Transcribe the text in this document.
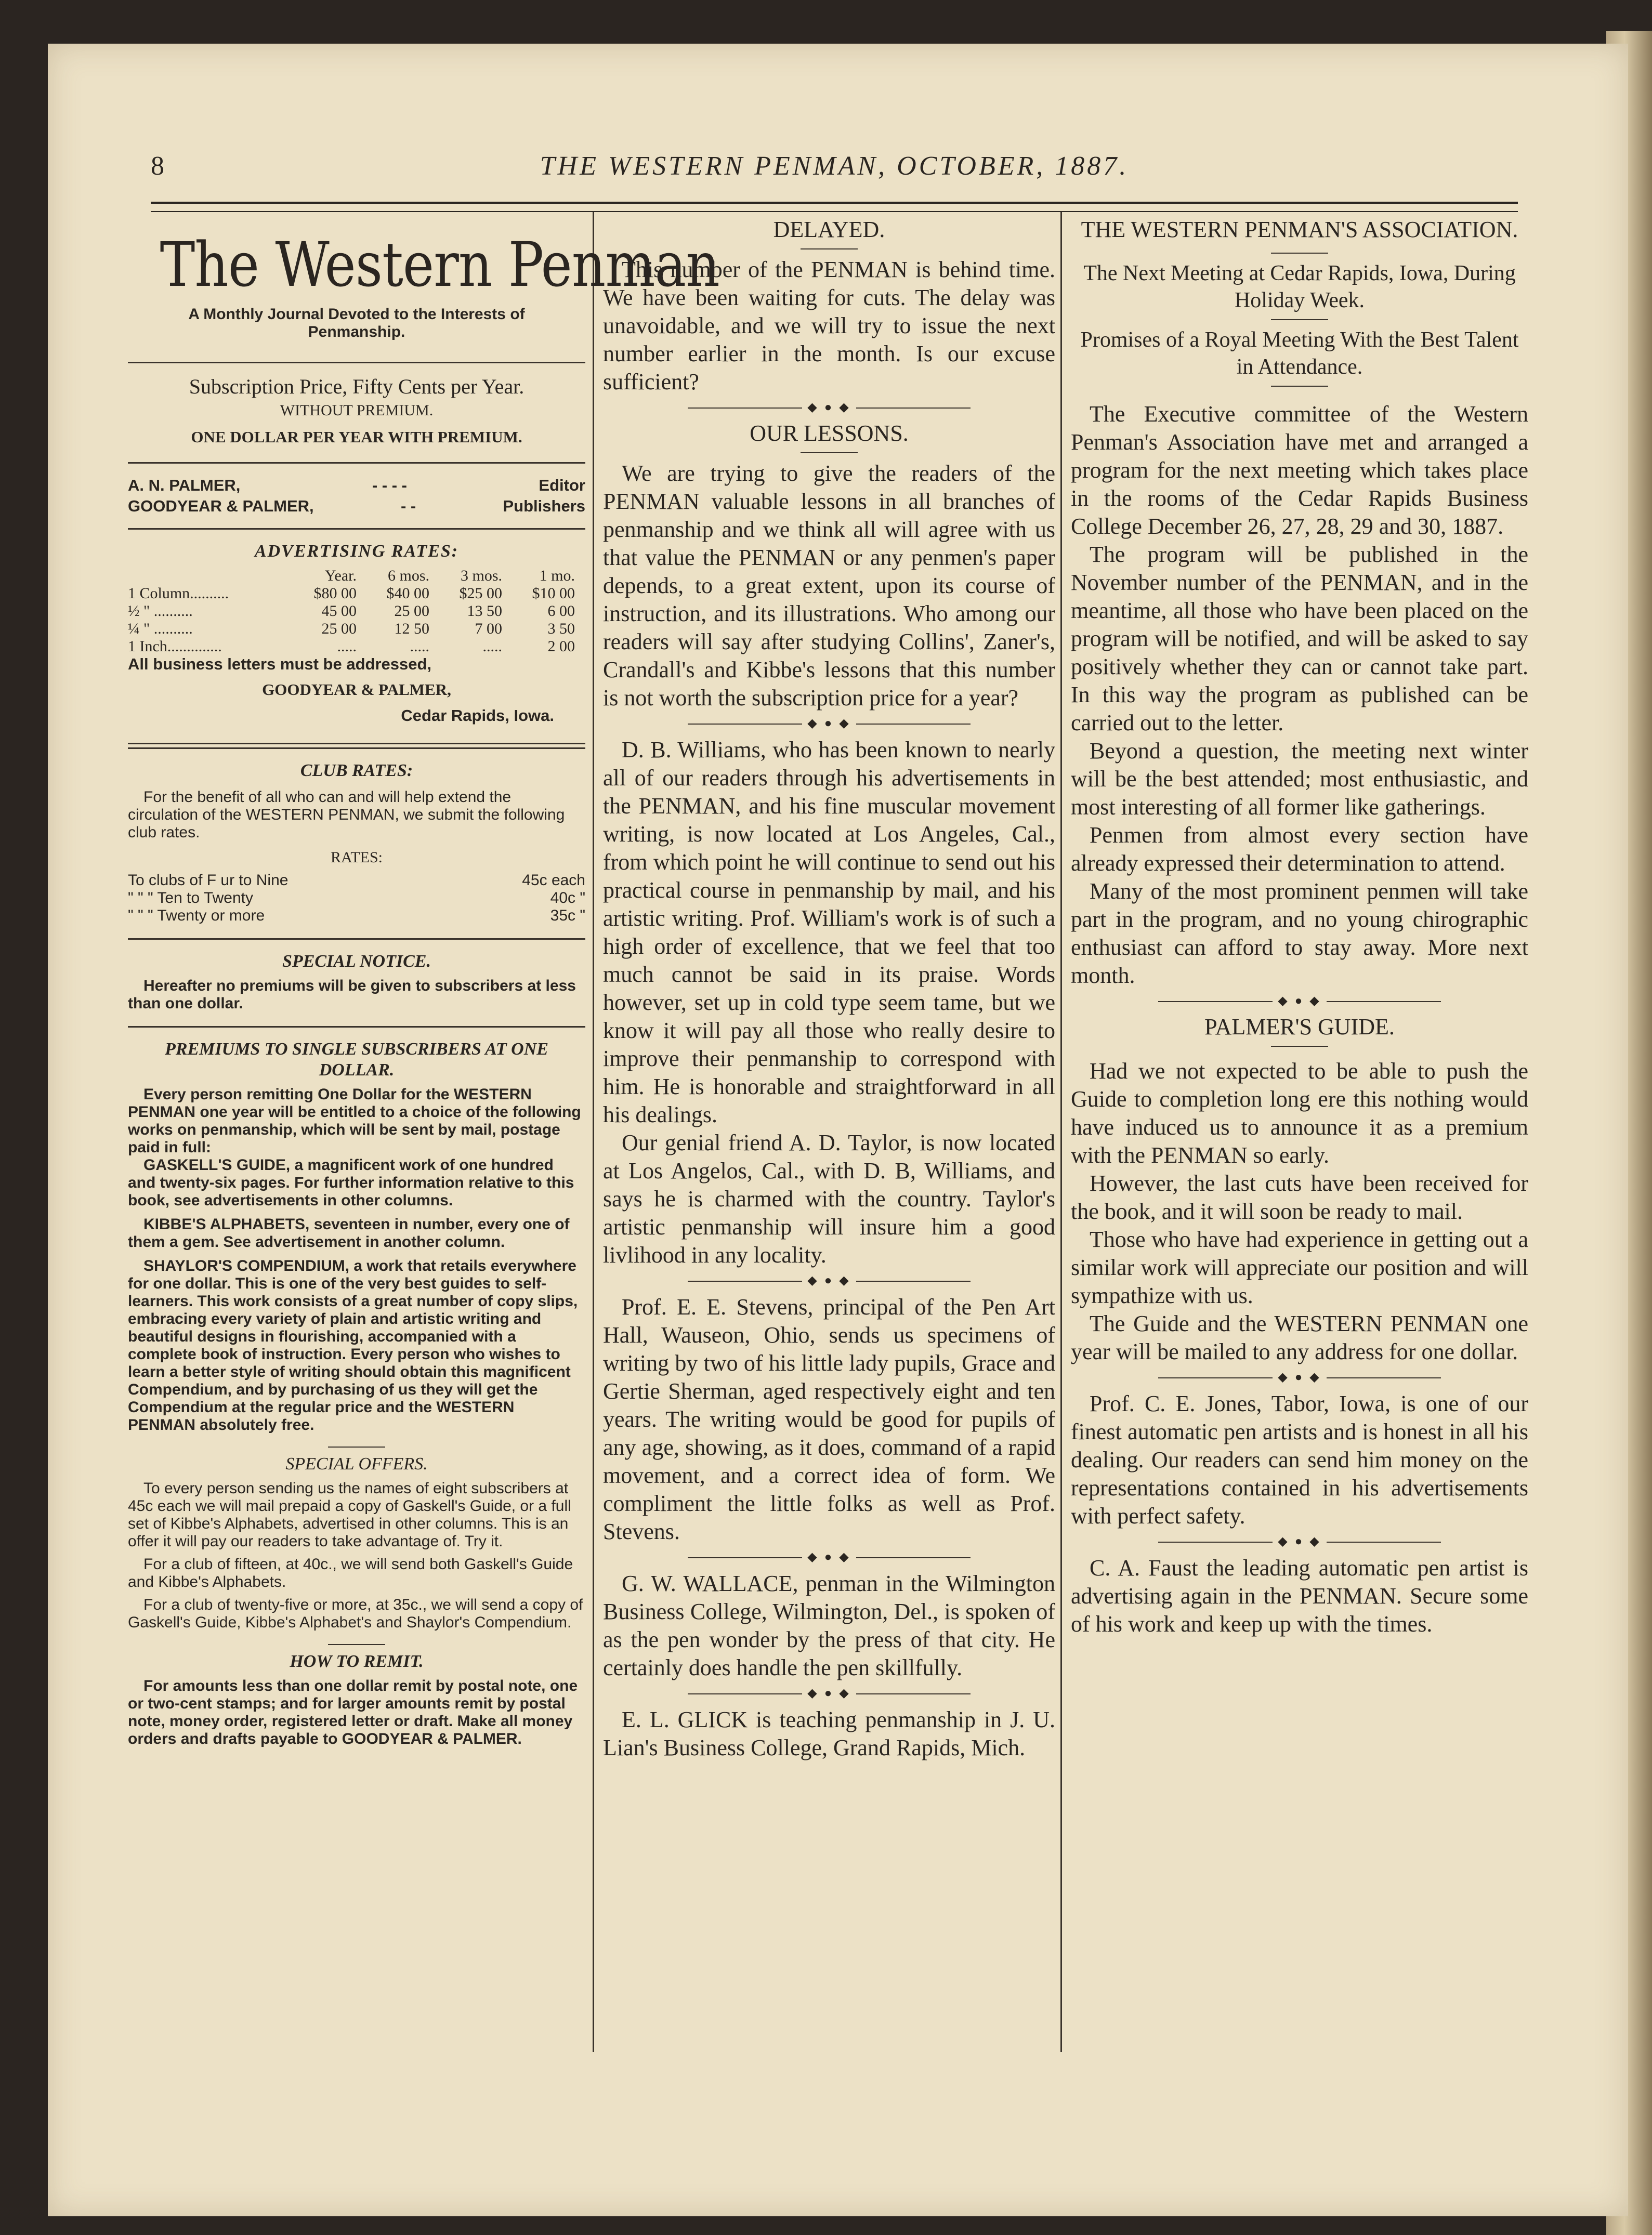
8	THE WESTERN PENMAN, OCTOBER, 1887.
The Western Penman
A Monthly Journal Devoted to the Interests of Penmanship.
Subscription Price, Fifty Cents per Year.
WITHOUT PREMIUM.
ONE DOLLAR PER YEAR WITH PREMIUM.
A. N. PALMER,	- - - -	Editor
GOODYEAR & PALMER,	- -	Publishers
ADVERTISING RATES:
Year.	6 mos.	3 mos.	1 mo.
1 Column..........	$80 00	$40 00	$25 00	$10 00
½ " ..........	45 00	25 00	13 50	6 00
¼ " ..........	25 00	12 50	7 00	3 50
1 Inch..............	.....	.....	.....	2 00
All business letters must be addressed,
GOODYEAR & PALMER,
Cedar Rapids, Iowa.
CLUB RATES:
For the benefit of all who can and will help extend the circulation of the WESTERN PENMAN, we submit the following club rates.
RATES:
To clubs of F ur to Nine	45c each
" " " Ten to Twenty	40c "
" " " Twenty or more	35c "
SPECIAL NOTICE.
Hereafter no premiums will be given to subscribers at less than one dollar.
PREMIUMS TO SINGLE SUBSCRIBERS AT ONE DOLLAR.
Every person remitting One Dollar for the WESTERN PENMAN one year will be entitled to a choice of the following works on penmanship, which will be sent by mail, postage paid in full:
GASKELL'S GUIDE, a magnificent work of one hundred and twenty-six pages. For further information relative to this book, see advertisements in other columns.
KIBBE'S ALPHABETS, seventeen in number, every one of them a gem. See advertisement in another column.
SHAYLOR'S COMPENDIUM, a work that retails everywhere for one dollar. This is one of the very best guides to self-learners. This work consists of a great number of copy slips, embracing every variety of plain and artistic writing and beautiful designs in flourishing, accompanied with a complete book of instruction. Every person who wishes to learn a better style of writing should obtain this magnificent Compendium, and by purchasing of us they will get the Compendium at the regular price and the WESTERN PENMAN absolutely free.
SPECIAL OFFERS.
To every person sending us the names of eight subscribers at 45c each we will mail prepaid a copy of Gaskell's Guide, or a full set of Kibbe's Alphabets, advertised in other columns. This is an offer it will pay our readers to take advantage of. Try it.
For a club of fifteen, at 40c., we will send both Gaskell's Guide and Kibbe's Alphabets.
For a club of twenty-five or more, at 35c., we will send a copy of Gaskell's Guide, Kibbe's Alphabet's and Shaylor's Compendium.
HOW TO REMIT.
For amounts less than one dollar remit by postal note, one or two-cent stamps; and for larger amounts remit by postal note, money order, registered letter or draft. Make all money orders and drafts payable to GOODYEAR & PALMER.
DELAYED.

This number of the PENMAN is behind time. We have been waiting for cuts. The delay was unavoidable, and we will try to issue the next number earlier in the month. Is our excuse sufficient?

◆ ● ◆
OUR LESSONS.

We are trying to give the readers of the PENMAN valuable lessons in all branches of penmanship and we think all will agree with us that value the PENMAN or any penmen's paper depends, to a great extent, upon its course of instruction, and its illustrations. Who among our readers will say after studying Collins', Zaner's, Crandall's and Kibbe's lessons that this number is not worth the subscription price for a year?

◆ ● ◆

D. B. Williams, who has been known to nearly all of our readers through his advertisements in the PENMAN, and his fine muscular movement writing, is now located at Los Angeles, Cal., from which point he will continue to send out his practical course in penmanship by mail, and his artistic writing. Prof. William's work is of such a high order of excellence, that we feel that too much cannot be said in its praise. Words however, set up in cold type seem tame, but we know it will pay all those who really desire to improve their penmanship to correspond with him. He is honorable and straightforward in all his dealings.

Our genial friend A. D. Taylor, is now located at Los Angelos, Cal., with D. B, Williams, and says he is charmed with the country. Taylor's artistic penmanship will insure him a good livlihood in any locality.

◆ ● ◆

Prof. E. E. Stevens, principal of the Pen Art Hall, Wauseon, Ohio, sends us specimens of writing by two of his little lady pupils, Grace and Gertie Sherman, aged respectively eight and ten years. The writing would be good for pupils of any age, showing, as it does, command of a rapid movement, and a correct idea of form. We compliment the little folks as well as Prof. Stevens.

◆ ● ◆

G. W. WALLACE, penman in the Wilmington Business College, Wilmington, Del., is spoken of as the pen wonder by the press of that city. He certainly does handle the pen skillfully.

◆ ● ◆

E. L. GLICK is teaching penmanship in J. U. Lian's Business College, Grand Rapids, Mich.

THE WESTERN PENMAN'S ASSOCIATION.
The Next Meeting at Cedar Rapids, Iowa, During Holiday Week.
Promises of a Royal Meeting With the Best Talent in Attendance.

The Executive committee of the Western Penman's Association have met and arranged a program for the next meeting which takes place in the rooms of the Cedar Rapids Business College December 26, 27, 28, 29 and 30, 1887.

The program will be published in the November number of the PENMAN, and in the meantime, all those who have been placed on the program will be notified, and will be asked to say positively whether they can or cannot take part. In this way the program as published can be carried out to the letter.

Beyond a question, the meeting next winter will be the best attended; most enthusiastic, and most interesting of all former like gatherings.

Penmen from almost every section have already expressed their determination to attend.

Many of the most prominent penmen will take part in the program, and no young chirographic enthusiast can afford to stay away. More next month.

◆ ● ◆
PALMER'S GUIDE.

Had we not expected to be able to push the Guide to completion long ere this nothing would have induced us to announce it as a premium with the PENMAN so early.

However, the last cuts have been received for the book, and it will soon be ready to mail.

Those who have had experience in getting out a similar work will appreciate our position and will sympathize with us.

The Guide and the WESTERN PENMAN one year will be mailed to any address for one dollar.

◆ ● ◆

Prof. C. E. Jones, Tabor, Iowa, is one of our finest automatic pen artists and is honest in all his dealing. Our readers can send him money on the representations contained in his advertisements with perfect safety.

◆ ● ◆

C. A. Faust the leading automatic pen artist is advertising again in the PENMAN. Secure some of his work and keep up with the times.
